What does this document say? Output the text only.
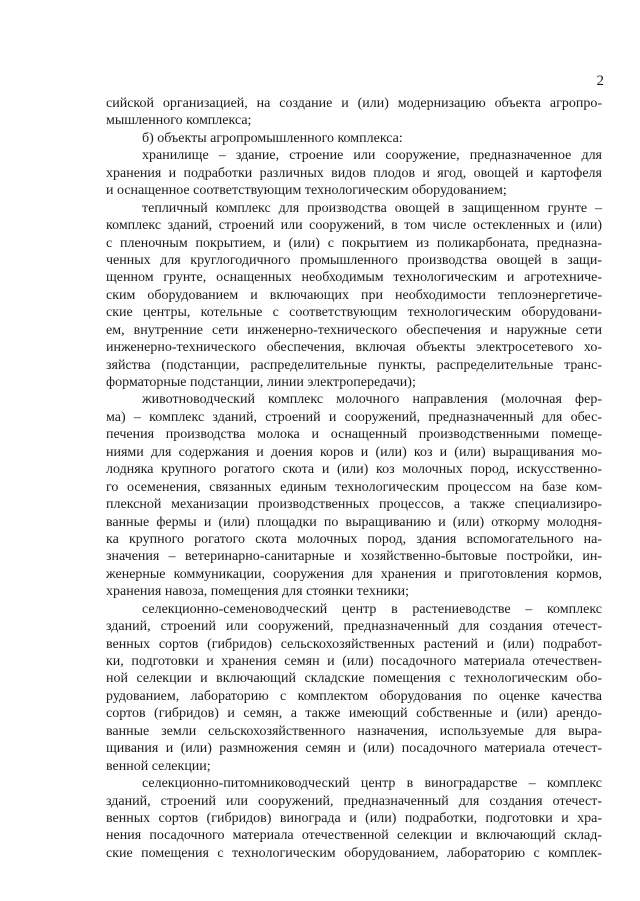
2
сийской организацией, на создание и (или) модернизацию объекта агропро-
мышленного комплекса;
б) объекты агропромышленного комплекса:
хранилище – здание, строение или сооружение, предназначенное для
хранения и подработки различных видов плодов и ягод, овощей и картофеля
и оснащенное соответствующим технологическим оборудованием;
тепличный комплекс для производства овощей в защищенном грунте –
комплекс зданий, строений или сооружений, в том числе остекленных и (или)
с пленочным покрытием, и (или) с покрытием из поликарбоната, предназна-
ченных для круглогодичного промышленного производства овощей в защи-
щенном грунте, оснащенных необходимым технологическим и агротехниче-
ским оборудованием и включающих при необходимости теплоэнергетиче-
ские центры, котельные с соответствующим технологическим оборудовани-
ем, внутренние сети инженерно-технического обеспечения и наружные сети
инженерно-технического обеспечения, включая объекты электросетевого хо-
зяйства (подстанции, распределительные пункты, распределительные транс-
форматорные подстанции, линии электропередачи);
животноводческий комплекс молочного направления (молочная фер-
ма) – комплекс зданий, строений и сооружений, предназначенный для обес-
печения производства молока и оснащенный производственными помеще-
ниями для содержания и доения коров и (или) коз и (или) выращивания мо-
лодняка крупного рогатого скота и (или) коз молочных пород, искусственно-
го осеменения, связанных единым технологическим процессом на базе ком-
плексной механизации производственных процессов, а также специализиро-
ванные фермы и (или) площадки по выращиванию и (или) откорму молодня-
ка крупного рогатого скота молочных пород, здания вспомогательного на-
значения – ветеринарно-санитарные и хозяйственно-бытовые постройки, ин-
женерные коммуникации, сооружения для хранения и приготовления кормов,
хранения навоза, помещения для стоянки техники;
селекционно-семеноводческий центр в растениеводстве – комплекс
зданий, строений или сооружений, предназначенный для создания отечест-
венных сортов (гибридов) сельскохозяйственных растений и (или) подработ-
ки, подготовки и хранения семян и (или) посадочного материала отечествен-
ной селекции и включающий складские помещения с технологическим обо-
рудованием, лабораторию с комплектом оборудования по оценке качества
сортов (гибридов) и семян, а также имеющий собственные и (или) арендо-
ванные земли сельскохозяйственного назначения, используемые для выра-
щивания и (или) размножения семян и (или) посадочного материала отечест-
венной селекции;
селекционно-питомниководческий центр в виноградарстве – комплекс
зданий, строений или сооружений, предназначенный для создания отечест-
венных сортов (гибридов) винограда и (или) подработки, подготовки и хра-
нения посадочного материала отечественной селекции и включающий склад-
ские помещения с технологическим оборудованием, лабораторию с комплек-
